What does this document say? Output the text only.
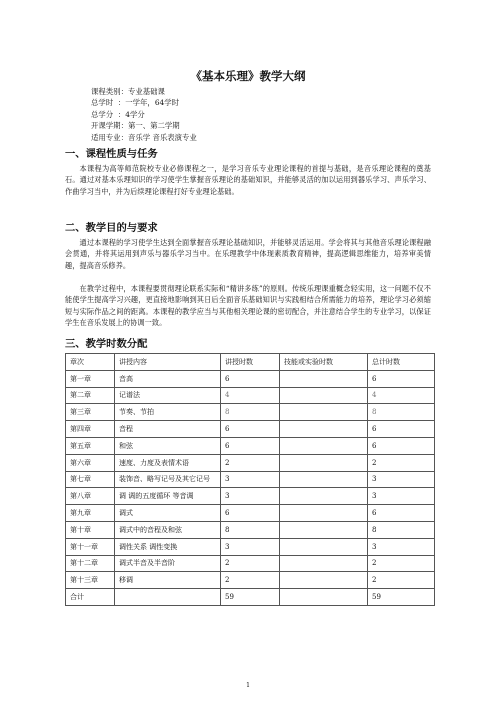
《基本乐理》教学大纲
课程类别：专业基础课
总学时  ：一学年，64学时
总学分  ：4学分
开课学期：第一、第二学期
适用专业：音乐学 音乐表演专业
一、课程性质与任务
本课程为高等师范院校专业必修课程之一，是学习音乐专业理论课程的首提与基础，是音乐理论课程的奠基石。通过对基本乐理知识的学习使学生掌握音乐理论的基础知识，并能够灵活的加以运用到器乐学习、声乐学习、作曲学习当中，并为后续理论课程打好专业理论基础。
二、教学目的与要求
通过本课程的学习使学生达到全面掌握音乐理论基础知识，并能够灵活运用。学会将其与其他音乐理论课程融会贯通，并将其运用到声乐与器乐学习当中。在乐理教学中体现素质教育精神，提高逻辑思维能力，培养审美情趣，提高音乐修养。
在教学过程中，本课程要贯彻理论联系实际和“精讲多练”的原则。传统乐理课重概念轻实用，这一问题不仅不能使学生提高学习兴趣，更直接地影响到其日后全面音乐基础知识与实践相结合所需能力的培养，理论学习必须缩短与实际作品之间的距离。本课程的教学应当与其他相关理论课的密切配合，并注意结合学生的专业学习，以保证学生在音乐发展上的协调一致。
三、教学时数分配
章次	讲授内容	讲授时数	技能或实验时数	总计时数
第一章	音高	6		6
第二章	记谱法	4		4
第三章	节奏、节拍	8		8
第四章	音程	6		6
第五章	和弦	6		6
第六章	速度、力度及表情术语	2		2
第七章	装饰音、略写记号及其它记号	3		3
第八章	调 调的五度循环 等音调	3		3
第九章	调式	6		6
第十章	调式中的音程及和弦	8		8
第十一章	调性关系 调性变换	3		3
第十二章	调式半音及半音阶	2		2
第十三章	移调	2		2
合计		59		59
1
